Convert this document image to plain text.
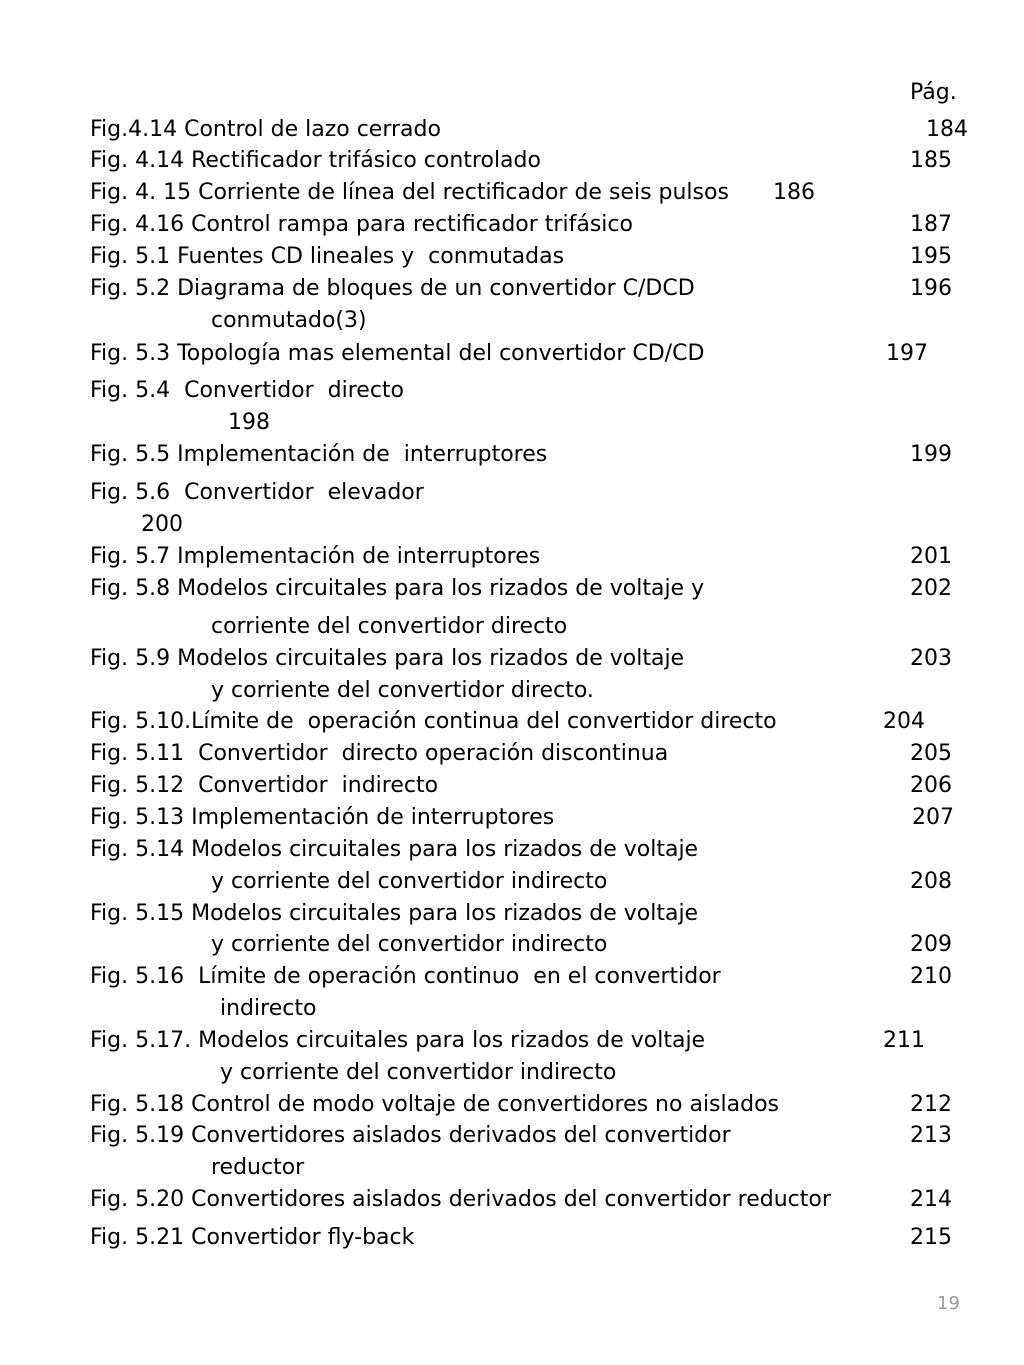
Pág.
Fig.4.14 Control de lazo cerrado	184
Fig. 4.14 Rectificador trifásico controlado	185
Fig. 4. 15 Corriente de línea del rectificador de seis pulsos 186
Fig. 4.16 Control rampa para rectificador trifásico	187
Fig. 5.1 Fuentes CD lineales y  conmutadas	195
Fig. 5.2 Diagrama de bloques de un convertidor C/DCD	196
conmutado(3)
Fig. 5.3 Topología mas elemental del convertidor CD/CD	197
Fig. 5.4  Convertidor  directo
198
Fig. 5.5 Implementación de  interruptores	199
Fig. 5.6  Convertidor  elevador
200
Fig. 5.7 Implementación de interruptores	201
Fig. 5.8 Modelos circuitales para los rizados de voltaje y	202
corriente del convertidor directo
Fig. 5.9 Modelos circuitales para los rizados de voltaje	203
y corriente del convertidor directo.
Fig. 5.10.Límite de  operación continua del convertidor directo	204
Fig. 5.11  Convertidor  directo operación discontinua	205
Fig. 5.12  Convertidor  indirecto	206
Fig. 5.13 Implementación de interruptores	207
Fig. 5.14 Modelos circuitales para los rizados de voltaje
y corriente del convertidor indirecto	208
Fig. 5.15 Modelos circuitales para los rizados de voltaje
y corriente del convertidor indirecto	209
Fig. 5.16  Límite de operación continuo  en el convertidor	210
indirecto
Fig. 5.17. Modelos circuitales para los rizados de voltaje	211
y corriente del convertidor indirecto
Fig. 5.18 Control de modo voltaje de convertidores no aislados	212
Fig. 5.19 Convertidores aislados derivados del convertidor	213
reductor
Fig. 5.20 Convertidores aislados derivados del convertidor reductor	214
Fig. 5.21 Convertidor fly-back	215
19
